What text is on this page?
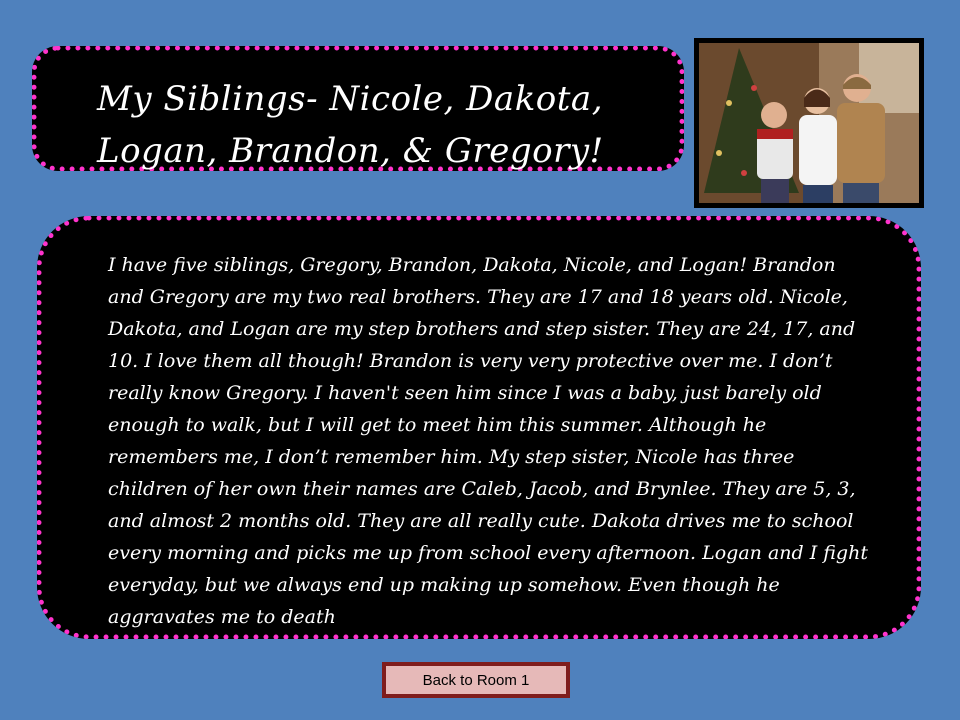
My Siblings- Nicole, Dakota, Logan, Brandon, & Gregory!

I have five siblings, Gregory, Brandon, Dakota, Nicole, and Logan! Brandon and Gregory are my two real brothers. They are 17 and 18 years old. Nicole, Dakota, and Logan are my step brothers and step sister. They are 24, 17, and 10. I love them all though! Brandon is very very protective over me. I don’t really know Gregory. I haven't seen him since I was a baby, just barely old enough to walk, but I will get to meet him this summer. Although he remembers me, I don’t remember him. My step sister, Nicole has three children of her own their names are Caleb, Jacob, and Brynlee. They are 5, 3, and almost 2 months old. They are all really cute. Dakota drives me to school every morning and picks me up from school every afternoon. Logan and I fight everyday, but we always end up making up somehow. Even though he aggravates me to death

Back to Room 1
